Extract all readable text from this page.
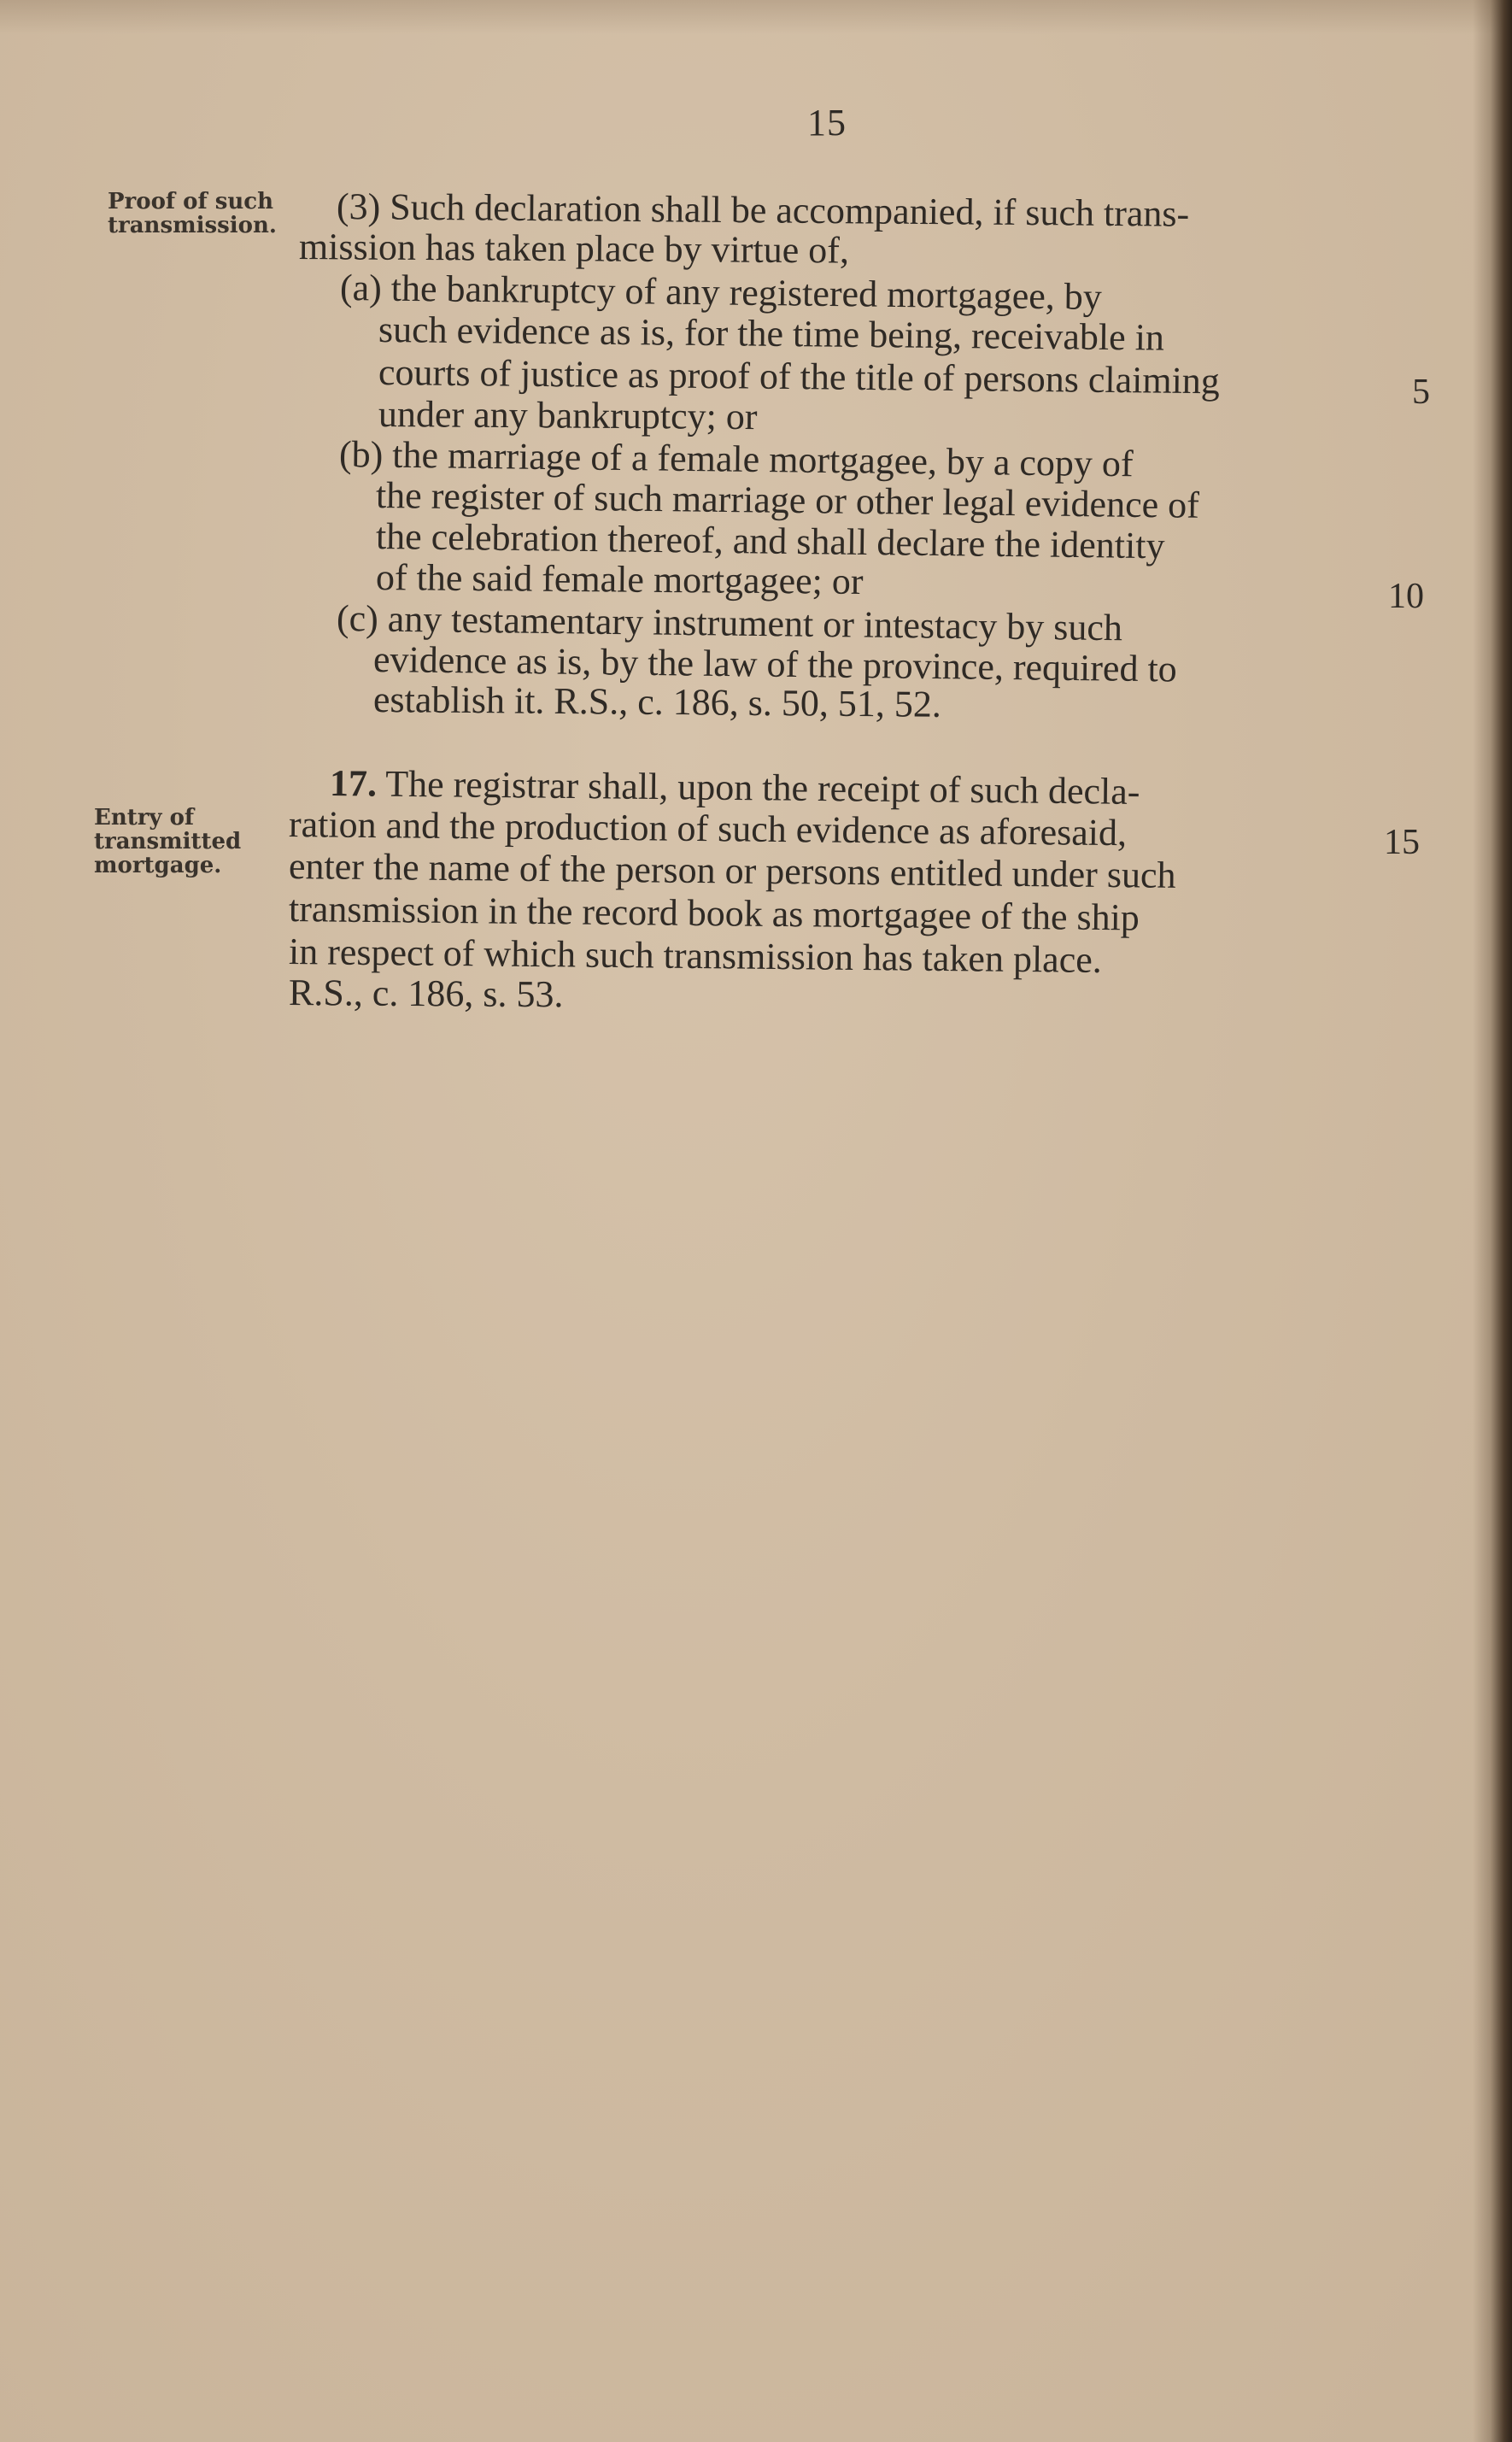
15
Proof of such
transmission.
Entry of
transmitted
mortgage.
(3) Such declaration shall be accompanied, if such trans-
mission has taken place by virtue of,
(a) the bankruptcy of any registered mortgagee, by
such evidence as is, for the time being, receivable in
courts of justice as proof of the title of persons claiming
under any bankruptcy; or
(b) the marriage of a female mortgagee, by a copy of
the register of such marriage or other legal evidence of
the celebration thereof, and shall declare the identity
of the said female mortgagee; or
(c) any testamentary instrument or intestacy by such
evidence as is, by the law of the province, required to
establish it. R.S., c. 186, s. 50, 51, 52.
17. The registrar shall, upon the receipt of such decla-
ration and the production of such evidence as aforesaid,
enter the name of the person or persons entitled under such
transmission in the record book as mortgagee of the ship
in respect of which such transmission has taken place.
R.S., c. 186, s. 53.
5
10
15
